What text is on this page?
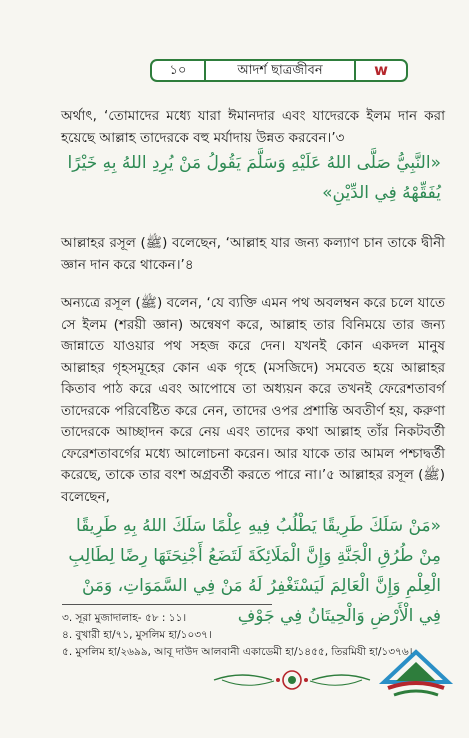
১০	আদর্শ ছাত্রজীবন	w
অর্থাৎ, ‘তোমাদের মধ্যে যারা ঈমানদার এবং যাদেরকে ইলম দান করা হয়েছে আল্লাহ তাদেরকে বহু মর্যাদায় উন্নত করবেন।’৩
«النَّبِيُّ صَلَّى اللهُ عَلَيْهِ وَسَلَّمَ يَقُولُ مَنْ يُرِدِ اللهُ بِهِ خَيْرًا يُفَقِّهْهُ فِي الدِّيْنِ»
আল্লাহর রসূল (ﷺ) বলেছেন, ‘আল্লাহ যার জন্য কল্যাণ চান তাকে দ্বীনী জ্ঞান দান করে থাকেন।’৪
অন্যত্রে রসূল (ﷺ) বলেন, ‘যে ব্যক্তি এমন পথ অবলম্বন করে চলে যাতে সে ইলম (শরয়ী জ্ঞান) অন্বেষণ করে, আল্লাহ তার বিনিময়ে তার জন্য জান্নাতে যাওয়ার পথ সহজ করে দেন। যখনই কোন একদল মানুষ আল্লাহর গৃহসমূহের কোন এক গৃহে (মসজিদে) সমবেত হয়ে আল্লাহর কিতাব পাঠ করে এবং আপোষে তা অধ্যয়ন করে তখনই ফেরেশতাবর্গ তাদেরকে পরিবেষ্টিত করে নেন, তাদের ওপর প্রশান্তি অবতীর্ণ হয়, করুণা তাদেরকে আচ্ছাদন করে নেয় এবং তাদের কথা আল্লাহ তাঁর নিকটবর্তী ফেরেশতাবর্গের মধ্যে আলোচনা করেন। আর যাকে তার আমল পশ্চাদ্বর্তী করেছে, তাকে তার বংশ অগ্রবর্তী করতে পারে না।’৫ আল্লাহর রসূল (ﷺ) বলেছেন,
«مَنْ سَلَكَ طَرِيقًا يَطْلُبُ فِيهِ عِلْمًا سَلَكَ اللهُ بِهِ طَرِيقًا مِنْ طُرُقِ الْجَنَّةِ وَإِنَّ الْمَلَائِكَةَ لَتَضَعُ أَجْنِحَتَهَا رِضًا لِطَالِبِ الْعِلْمِ وَإِنَّ الْعَالِمَ لَيَسْتَغْفِرُ لَهُ مَنْ فِي السَّمَوَاتِ، وَمَنْ فِي الْأَرْضِ وَالْحِيتَانُ فِي جَوْفِ
৩. সূরা মুজাদালাহ- ৫৮ : ১১।
৪. বুখারী হা/৭১, মুসলিম হা/১০৩৭।
৫. মুসলিম হা/২৬৯৯, আবূ দাউদ আলবানী একাডেমী হা/১৪৫৫, তিরমিযী হা/১৩৭৬।
